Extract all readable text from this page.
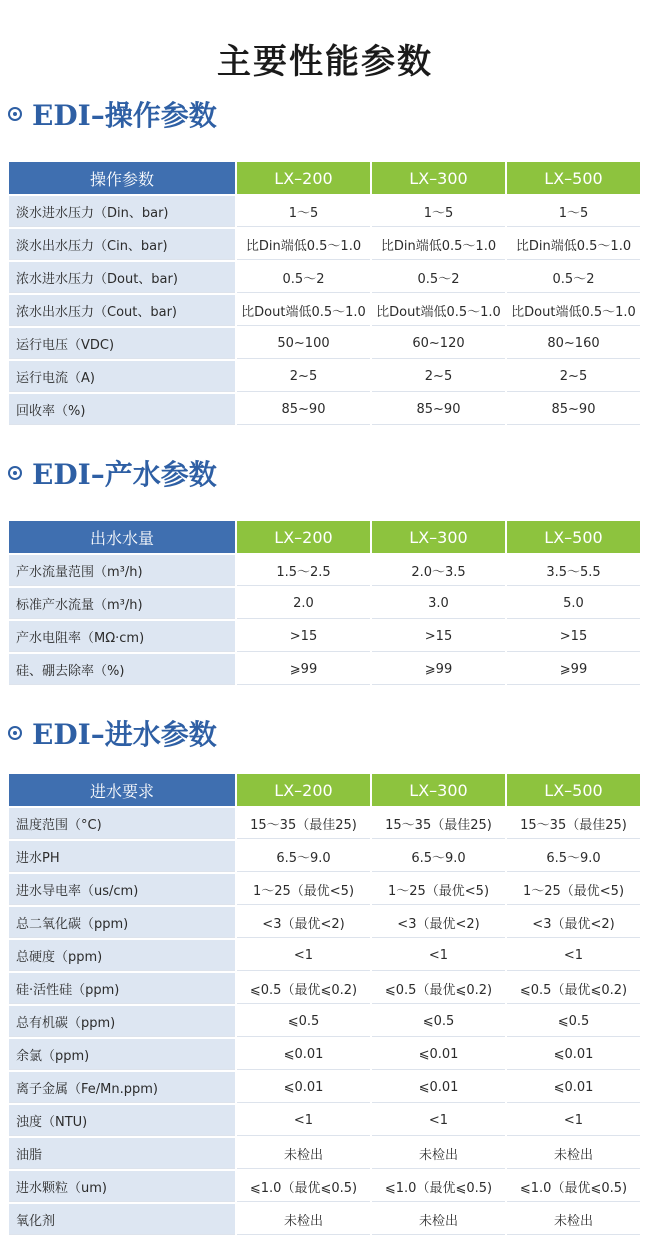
主要性能参数
EDI–操作参数
操作参数	LX–200	LX–300	LX–500
淡水进水压力（Din、bar)	1～5	1～5	1～5
淡水出水压力（Cin、bar)	比Din端低0.5～1.0	比Din端低0.5～1.0	比Din端低0.5～1.0
浓水进水压力（Dout、bar)	0.5～2	0.5～2	0.5～2
浓水出水压力（Cout、bar)	比Dout端低0.5～1.0	比Dout端低0.5～1.0	比Dout端低0.5～1.0
运行电压（VDC)	50~100	60~120	80~160
运行电流（A)	2~5	2~5	2~5
回收率（%)	85~90	85~90	85~90
EDI–产水参数
出水水量	LX–200	LX–300	LX–500
产水流量范围（m³/h)	1.5～2.5	2.0～3.5	3.5～5.5
标准产水流量（m³/h)	2.0	3.0	5.0
产水电阻率（MΩ·cm)	>15	>15	>15
硅、硼去除率（%)	⩾99	⩾99	⩾99
EDI–进水参数
进水要求	LX–200	LX–300	LX–500
温度范围（°C)	15～35（最佳25)	15～35（最佳25)	15～35（最佳25)
进水PH	6.5～9.0	6.5～9.0	6.5～9.0
进水导电率（us/cm)	1～25（最优<5)	1～25（最优<5)	1～25（最优<5)
总二氧化碳（ppm)	<3（最优<2)	<3（最优<2)	<3（最优<2)
总硬度（ppm)	<1	<1	<1
硅·活性硅（ppm)	⩽0.5（最优⩽0.2)	⩽0.5（最优⩽0.2)	⩽0.5（最优⩽0.2)
总有机碳（ppm)	⩽0.5	⩽0.5	⩽0.5
余氯（ppm)	⩽0.01	⩽0.01	⩽0.01
离子金属（Fe/Mn.ppm)	⩽0.01	⩽0.01	⩽0.01
浊度（NTU)	<1	<1	<1
油脂	未检出	未检出	未检出
进水颗粒（um)	⩽1.0（最优⩽0.5)	⩽1.0（最优⩽0.5)	⩽1.0（最优⩽0.5)
氧化剂	未检出	未检出	未检出
